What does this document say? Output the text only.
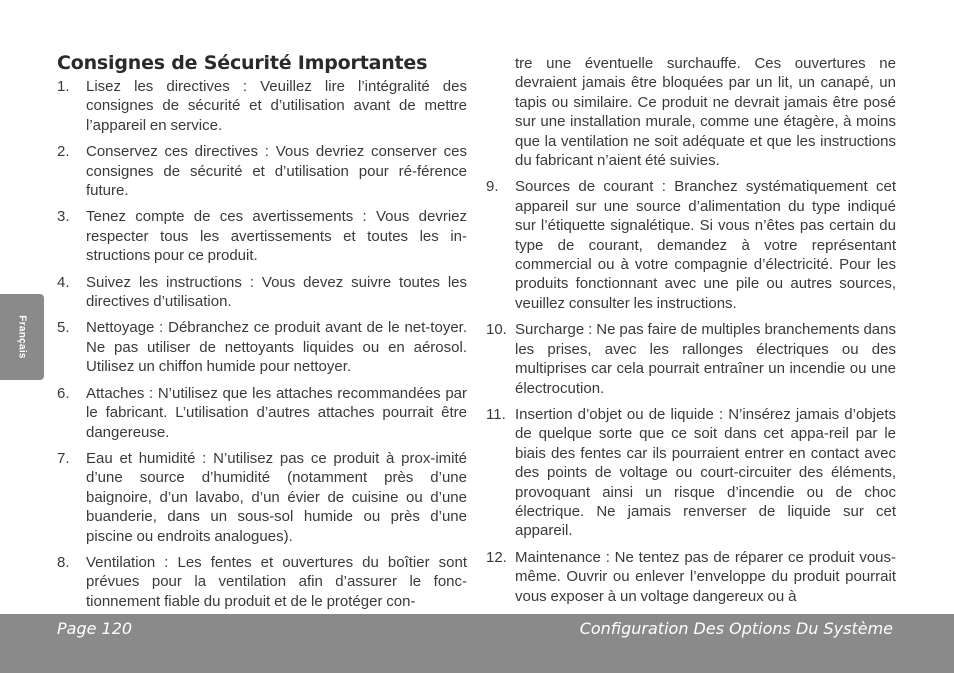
Français
Consignes de Sécurité Importantes
1.	Lisez les directives : Veuillez lire l’intégralité des consignes de sécurité et d’utilisation avant de mettre l’appareil en service.
2.	Conservez ces directives : Vous devriez conserver ces consignes de sécurité et d’utilisation pour ré-férence future.
3.	Tenez compte de ces avertissements : Vous devriez respecter tous les avertissements et toutes les in-structions pour ce produit.
4.	Suivez les instructions : Vous devez suivre toutes les directives d’utilisation.
5.	Nettoyage : Débranchez ce produit avant de le net-toyer. Ne pas utiliser de nettoyants liquides ou en aérosol. Utilisez un chiffon humide pour nettoyer.
6.	Attaches : N’utilisez que les attaches recommandées par le fabricant. L’utilisation d’autres attaches pourrait être dangereuse.
7.	Eau et humidité : N’utilisez pas ce produit à prox-imité d’une source d’humidité (notamment près d’une baignoire, d’un lavabo, d’un évier de cuisine ou d’une buanderie, dans un sous-sol humide ou près d’une piscine ou endroits analogues).
8.	Ventilation : Les fentes et ouvertures du boîtier sont prévues pour la ventilation afin d’assurer le fonc-tionnement fiable du produit et de le protéger con-
tre une éventuelle surchauffe. Ces ouvertures ne devraient jamais être bloquées par un lit, un canapé, un tapis ou similaire. Ce produit ne devrait jamais être posé sur une installation murale, comme une étagère, à moins que la ventilation ne soit adéquate et que les instructions du fabricant n’aient été suivies.
9.	Sources de courant : Branchez systématiquement cet appareil sur une source d’alimentation du type indiqué sur l’étiquette signalétique. Si vous n’êtes pas certain du type de courant, demandez à votre représentant commercial ou à votre compagnie d’électricité. Pour les produits fonctionnant avec une pile ou autres sources, veuillez consulter les instructions.
10. Surcharge : Ne pas faire de multiples branchements dans les prises, avec les rallonges électriques ou des multiprises car cela pourrait entraîner un incendie ou une électrocution.
11. Insertion d’objet ou de liquide : N’insérez jamais d’objets de quelque sorte que ce soit dans cet appa-reil par le biais des fentes car ils pourraient entrer en contact avec des points de voltage ou court-circuiter des éléments, provoquant ainsi un risque d’incendie ou de choc électrique. Ne jamais renverser de liquide sur cet appareil.
12. Maintenance : Ne tentez pas de réparer ce produit vous-même. Ouvrir ou enlever l’enveloppe du produit pourrait vous exposer à un voltage dangereux ou à
Page 120	Configuration Des Options Du Système
